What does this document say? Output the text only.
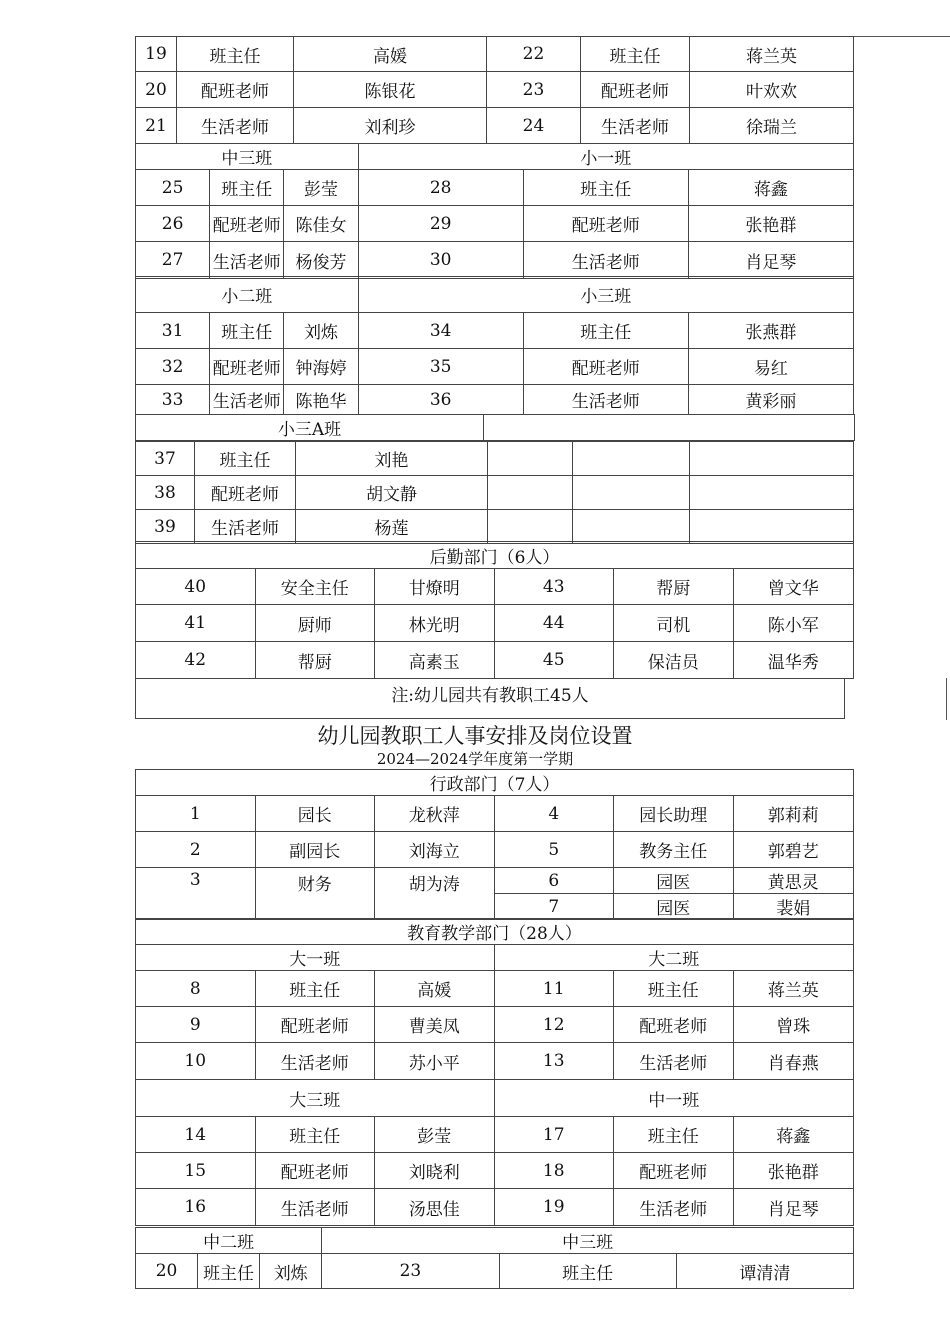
19	班主任	高媛	22	班主任	蒋兰英
20	配班老师	陈银花	23	配班老师	叶欢欢
21	生活老师	刘利珍	24	生活老师	徐瑞兰
中三班			小一班		
25	班主任	彭莹	28	班主任	蒋鑫
26	配班老师	陈佳女	29	配班老师	张艳群
27	生活老师	杨俊芳	30	生活老师	肖足琴
小二班			小三班		
31	班主任	刘炼	34	班主任	张燕群
32	配班老师	钟海婷	35	配班老师	易红
33	生活老师	陈艳华	36	生活老师	黄彩丽
小三A班	
37	班主任	刘艳			
38	配班老师	胡文静			
39	生活老师	杨莲			
后勤部门（6人）					
40	安全主任	甘燎明	43	帮厨	曾文华
41	厨师	林光明	44	司机	陈小军
42	帮厨	高素玉	45	保洁员	温华秀
注:幼儿园共有教职工45人
幼儿园教职工人事安排及岗位设置
2024—2024学年度第一学期
行政部门（7人）					
1	园长	龙秋萍	4	园长助理	郭莉莉
2	副园长	刘海立	5	教务主任	郭碧艺
3	财务	胡为涛	6	园医	黄思灵
			7	园医	裴娟
教育教学部门（28人）					
大一班			大二班		
8	班主任	高媛	11	班主任	蒋兰英
9	配班老师	曹美凤	12	配班老师	曾珠
10	生活老师	苏小平	13	生活老师	肖春燕
大三班			中一班		
14	班主任	彭莹	17	班主任	蒋鑫
15	配班老师	刘晓利	18	配班老师	张艳群
16	生活老师	汤思佳	19	生活老师	肖足琴
中二班			中三班		
20	班主任	刘炼	23	班主任	谭清清
